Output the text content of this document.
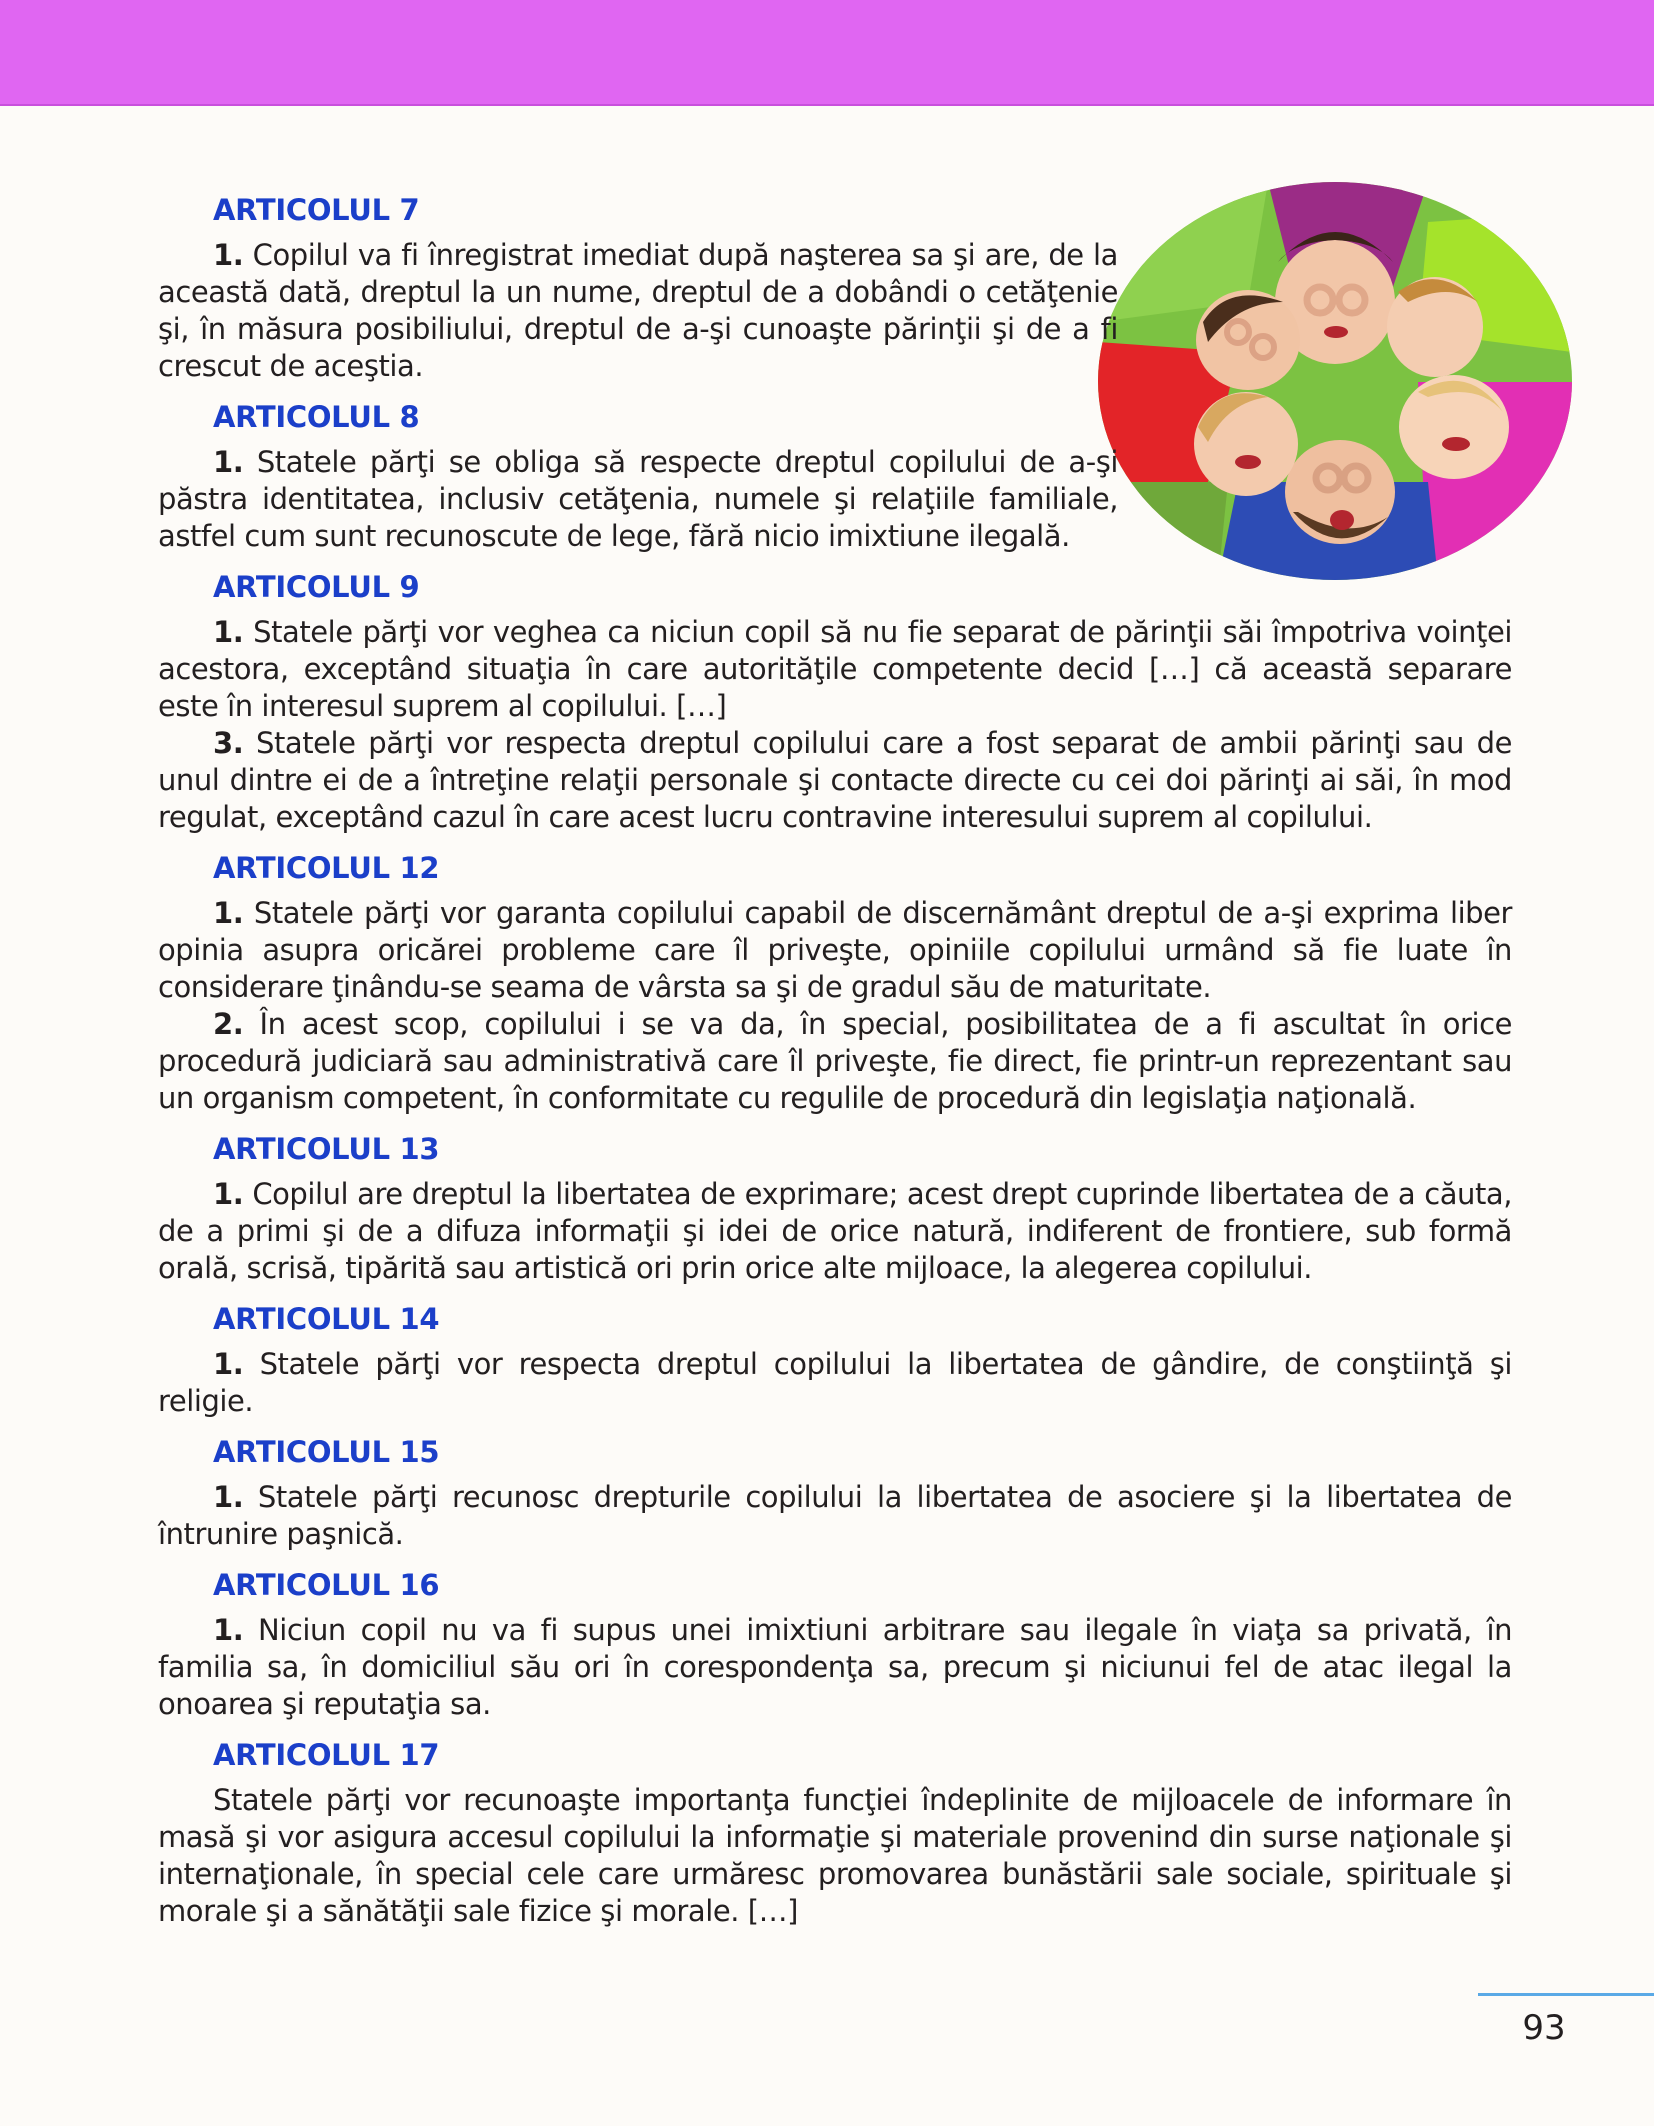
ARTICOLUL 7

1. Copilul va fi înregistrat imediat după naşterea sa şi are, de la această dată, dreptul la un nume, dreptul de a dobândi o cetăţenie şi, în măsura posibiliului, dreptul de a-şi cunoaşte părinţii şi de a fi crescut de aceştia.

ARTICOLUL 8

1. Statele părţi se obliga să respecte dreptul copilului de a-şi păstra identitatea, inclusiv cetăţenia, numele şi relaţiile familiale, astfel cum sunt recunoscute de lege, fără nicio imixtiune ilegală.

ARTICOLUL 9

1. Statele părţi vor veghea ca niciun copil să nu fie separat de părinţii săi împotriva voinţei acestora, exceptând situaţia în care autorităţile competente decid […] că această separare este în interesul suprem al copilului. […]

3. Statele părţi vor respecta dreptul copilului care a fost separat de ambii părinţi sau de unul dintre ei de a întreţine relaţii personale şi contacte directe cu cei doi părinţi ai săi, în mod regulat, exceptând cazul în care acest lucru contravine interesului suprem al copilului.

ARTICOLUL 12

1. Statele părţi vor garanta copilului capabil de discernământ dreptul de a-şi exprima liber opinia asupra oricărei probleme care îl priveşte, opiniile copilului urmând să fie luate în considerare ţinându-se seama de vârsta sa şi de gradul său de maturitate.

2. În acest scop, copilului i se va da, în special, posibilitatea de a fi ascultat în orice procedură judiciară sau administrativă care îl priveşte, fie direct, fie printr-un reprezentant sau un organism competent, în conformitate cu regulile de procedură din legislaţia naţională.

ARTICOLUL 13

1. Copilul are dreptul la libertatea de exprimare; acest drept cuprinde libertatea de a căuta, de a primi şi de a difuza informaţii şi idei de orice natură, indiferent de frontiere, sub formă orală, scrisă, tipărită sau artistică ori prin orice alte mijloace, la alegerea copilului.

ARTICOLUL 14

1. Statele părţi vor respecta dreptul copilului la libertatea de gândire, de conştiinţă şi religie.

ARTICOLUL 15

1. Statele părţi recunosc drepturile copilului la libertatea de asociere şi la libertatea de întrunire paşnică.

ARTICOLUL 16

1. Niciun copil nu va fi supus unei imixtiuni arbitrare sau ilegale în viaţa sa privată, în familia sa, în domiciliul său ori în corespondenţa sa, precum şi niciunui fel de atac ilegal la onoarea şi reputaţia sa.

ARTICOLUL 17

Statele părţi vor recunoaşte importanţa funcţiei îndeplinite de mijloacele de informare în masă şi vor asigura accesul copilului la informaţie şi materiale provenind din surse naţionale şi internaţionale, în special cele care urmăresc promovarea bunăstării sale sociale, spirituale şi morale şi a sănătăţii sale fizice şi morale. […]

93
